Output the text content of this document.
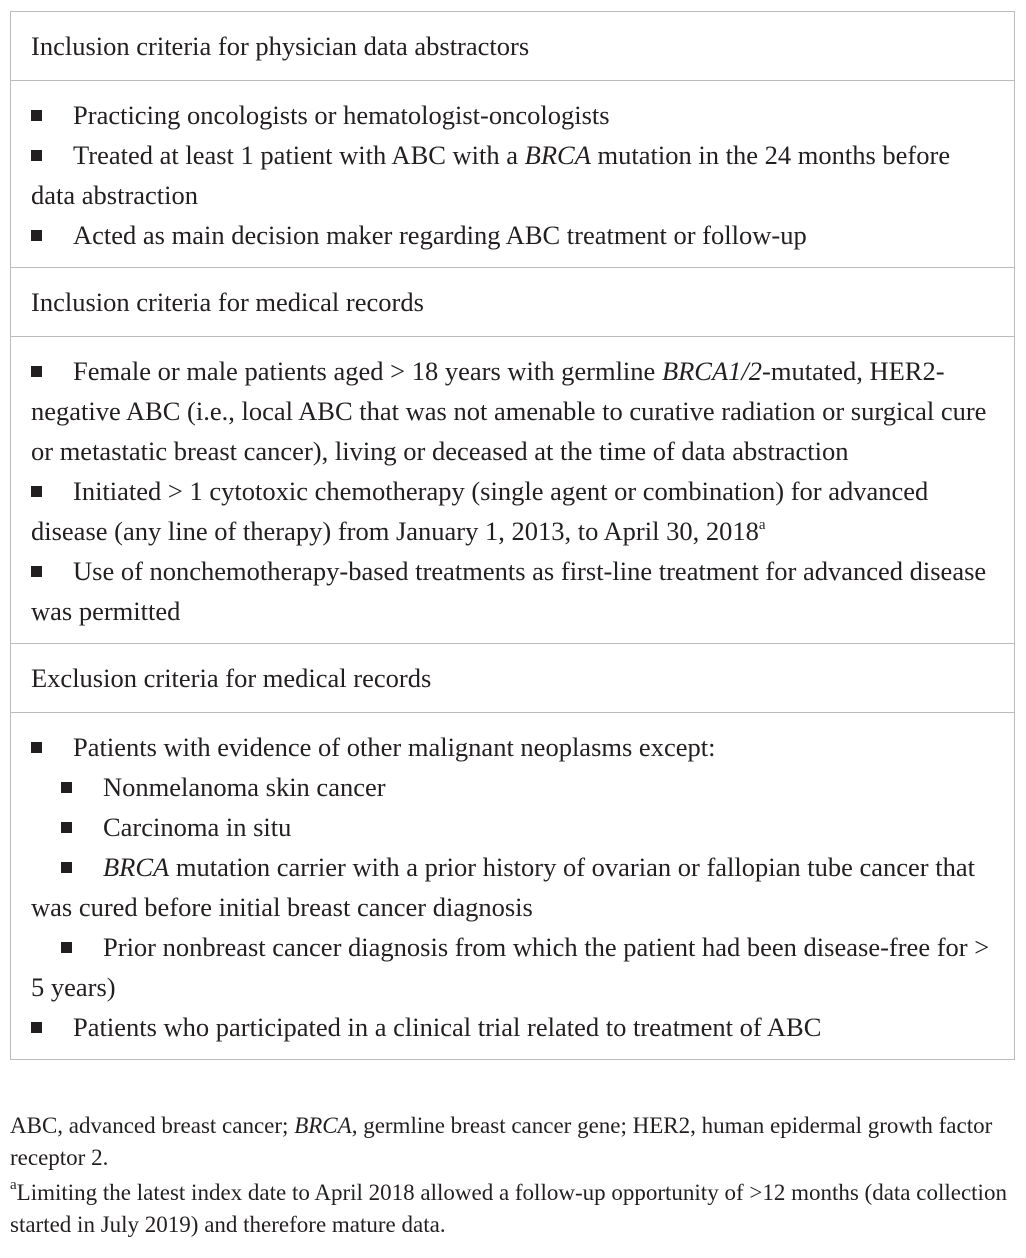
Inclusion criteria for physician data abstractors

Practicing oncologists or hematologist-oncologists

Treated at least 1 patient with ABC with a BRCA mutation in the 24 months before data abstraction

Acted as main decision maker regarding ABC treatment or follow-up

Inclusion criteria for medical records

Female or male patients aged > 18 years with germline BRCA1/2-mutated, HER2-negative ABC (i.e., local ABC that was not amenable to curative radiation or surgical cure or metastatic breast cancer), living or deceased at the time of data abstraction

Initiated > 1 cytotoxic chemotherapy (single agent or combination) for advanced disease (any line of therapy) from January 1, 2013, to April 30, 2018$^a$

Use of nonchemotherapy-based treatments as first-line treatment for advanced disease was permitted

Exclusion criteria for medical records

Patients with evidence of other malignant neoplasms except:

Nonmelanoma skin cancer

Carcinoma in situ

BRCA mutation carrier with a prior history of ovarian or fallopian tube cancer that was cured before initial breast cancer diagnosis

Prior nonbreast cancer diagnosis from which the patient had been disease-free for > 5 years)

Patients who participated in a clinical trial related to treatment of ABC

ABC, advanced breast cancer; BRCA, germline breast cancer gene; HER2, human epidermal growth factor receptor 2.

$^a$Limiting the latest index date to April 2018 allowed a follow-up opportunity of >12 months (data collection started in July 2019) and therefore mature data.
